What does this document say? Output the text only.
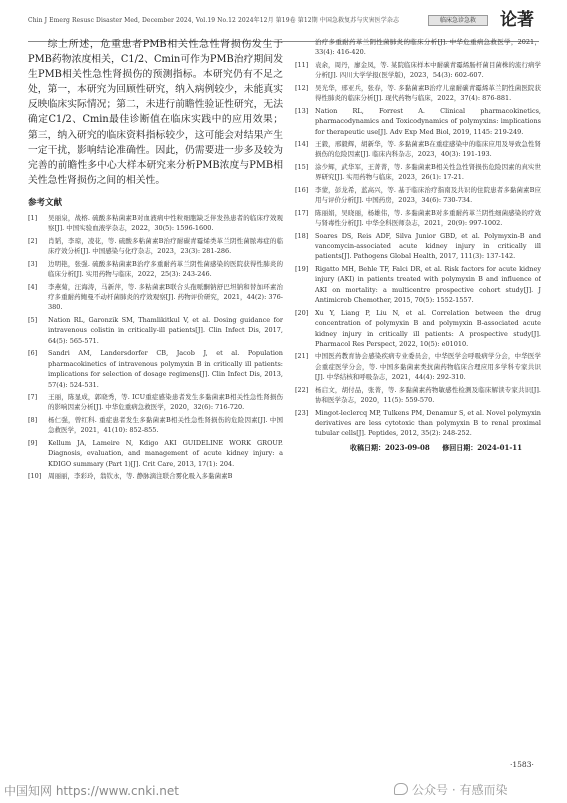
Chin J Emerg Resusc Disaster Med, December 2024, Vol.19 No.12 2024年12月 第19卷 第12期 中国急救复苏与灾害医学杂志	临床急诊急救	论著

综上所述，危重患者PMB相关性急性肾损伤发生于PMB药物浓度相关，C1/2、Cmin可作为PMB治疗期间发生PMB相关性急性肾损伤的预测指标。本研究仍有不足之处，第一，本研究为回顾性研究，纳入病例较少，未能真实反映临床实际情况；第二，未进行前瞻性验证性研究，无法确定C1/2、Cmin最佳诊断值在临床实践中的应用效果；第三，纳入研究的临床资料指标较少，这可能会对结果产生一定干扰，影响结论准确性。因此，仍需要进一步多及较为完善的前瞻性多中心大样本研究来分析PMB浓度与PMB相关性急性肾损伤之间的相关性。

参考文献
[1] 吴丽泉，战榕. 硫酸多粘菌素B对血液病中性粒细胞缺乏伴发热患者的临床疗效观察[J]. 中国实验血液学杂志，2022，30(5): 1596-1600.
[2] 肖韬，李琼，凌花，等. 硫酸多粘菌素B治疗耐碳青霉烯类革兰阴性菌脓毒症的临床疗效分析[J]. 中国感染与化疗杂志，2023，23(3): 281-286.
[3] 边明艳，张强. 硫酸多粘菌素B治疗多重耐药革兰阴性菌感染的医院获得性肺炎的临床分析[J]. 实用药物与临床，2022，25(3): 243-246.
[4] 李燕菊，汪海涛，马新萍，等. 多粘菌素B联合头孢哌酮钠舒巴坦钠和替加环素治疗多重耐药鲍曼不动杆菌肺炎的疗效观察[J]. 药物评价研究，2021，44(2): 376-380.
[5] Nation RL, Garonzik SM, Thamlikitkul V, et al. Dosing guidance for intravenous colistin in critically-ill patients[J]. Clin Infect Dis, 2017, 64(5): 565-571.
[6] Sandri AM, Landersdorfer CB, Jacob J, et al. Population pharmacokinetics of intravenous polymyxin B in critically ill patients: implications for selection of dosage regimens[J]. Clin Infect Dis, 2013, 57(4): 524-531.
[7] 王丽，陈显成，郭晓秀，等. ICU重症感染患者发生多黏菌素B相关性急性肾损伤的影响因素分析[J]. 中华危重病急救医学，2020，32(6): 716-720.
[8] 杨仁强，曾红科. 重症患者发生多黏菌素B相关性急性肾损伤的危险因素[J]. 中国急救医学，2021，41(10): 852-855.
[9] Kellum JA, Lameire N, Kdigo AKI GUIDELINE WORK GROUP. Diagnosis, evaluation, and management of acute kidney injury: a KDIGO summary (Part 1)[J]. Crit Care, 2013, 17(1): 204.
[10] 周丽丽，李彩玲，翁钦永，等. 静脉滴注联合雾化吸入多黏菌素B
治疗多重耐药革兰阴性菌肺炎的临床分析[J]. 中华危重病急救医学，2021，33(4): 416-420.
[11] 袁余，周丹，廖金凤，等. 某院临床样本中耐碳青霉烯肠杆菌目菌株的流行病学分析[J]. 四川大学学报(医学版)，2023，54(3): 602-607.
[12] 吴光华，邢亚兵，张春，等. 多黏菌素B治疗儿童耐碳青霉烯革兰阴性菌医院获得性肺炎的临床分析[J]. 现代药物与临床，2022，37(4): 876-881.
[13] Nation RL, Forrest A. Clinical pharmacokinetics, pharmacodynamics and Toxicodynamics of polymyxins: implications for therapeutic use[J]. Adv Exp Med Biol, 2019, 1145: 219-249.
[14] 王毅，邢毅辉，胡新华，等. 多黏菌素B在重症感染中的临床应用及导致急性肾损伤的危险因素[J]. 临床内科杂志，2023，40(3): 191-193.
[15] 涂少辉，武华军，王菁菁，等. 多黏菌素B相关性急性肾损伤危险因素的真实世界研究[J]. 实用药物与临床，2023，26(1): 17-21.
[16] 李蒙，彭龙希，蓝高兴，等. 基于临床治疗指南及共识的住院患者多黏菌素B应用与评价分析[J]. 中国药房，2023，34(6): 730-734.
[17] 陈丽娟，吴晓丽，杨雄伟，等. 多黏菌素B对多重耐药革兰阴性细菌感染的疗效与肾毒性分析[J]. 中华全科医师杂志，2021，20(9): 997-1002.
[18] Soares DS, Reis ADF, Silva Junior GBD, et al. Polymyxin-B and vancomycin-associated acute kidney injury in critically ill patients[J]. Pathogens Global Health, 2017, 111(3): 137-142.
[19] Rigatto MH, Behle TF, Falci DR, et al. Risk factors for acute kidney injury (AKI) in patients treated with polymyxin B and influence of AKI on mortality: a multicentre prospective cohort study[J]. J Antimicrob Chemother, 2015, 70(5): 1552-1557.
[20] Xu Y, Liang P, Liu N, et al. Correlation between the drug concentration of polymyxin B and polymyxin B-associated acute kidney injury in critically ill patients: A prospective study[J]. Pharmacol Res Perspect, 2022, 10(5): e01010.
[21] 中国医药教育协会感染疾病专业委员会，中华医学会呼吸病学分会，中华医学会重症医学分会，等. 中国多黏菌素类抗菌药物临床合理应用多学科专家共识[J]. 中华结核和呼吸杂志，2021，44(4): 292-310.
[22] 杨启文，胡付品，张菁，等. 多黏菌素药物敏感性检测及临床解读专家共识[J]. 协和医学杂志，2020，11(5): 559-570.
[23] Mingot-leclercq MP, Tulkens PM, Denamur S, et al. Novel polymyxin derivatives are less cytotoxic than polymyxin B to renal proximal tubular cells[J]. Peptides, 2012, 35(2): 248-252.
收稿日期：2023-09-08 修回日期：2024-01-11
·1583·
中国知网 https://www.cnki.net	公众号 · 有感而染
